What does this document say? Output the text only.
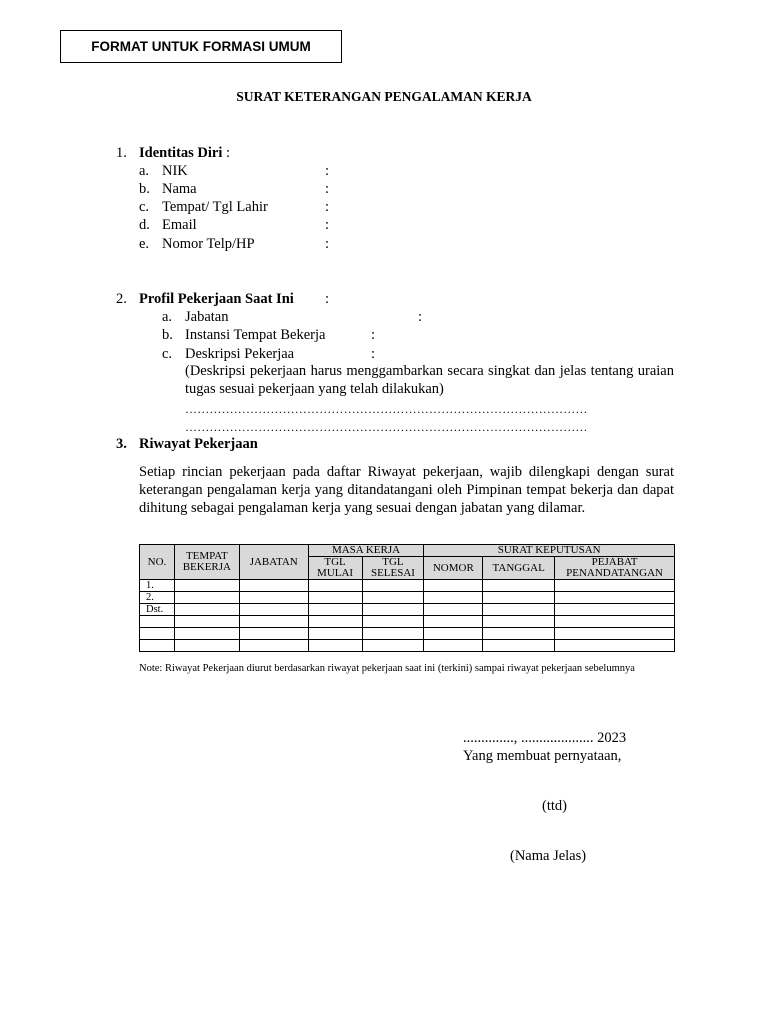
FORMAT UNTUK FORMASI UMUM
SURAT KETERANGAN PENGALAMAN KERJA
1. Identitas Diri :
a. NIK	:
b. Nama	:
c. Tempat/ Tgl Lahir	:
d. Email	:
e. Nomor Telp/HP	:
2. Profil Pekerjaan Saat Ini :
a. Jabatan	:
b. Instansi Tempat Bekerja	:
c. Deskripsi Pekerjaa	:
(Deskripsi pekerjaan harus menggambarkan secara singkat dan jelas tentang uraian tugas sesuai pekerjaan yang telah dilakukan)
………………………………………………………………………………………
………………………………………………………………………………………
3. Riwayat Pekerjaan
Setiap rincian pekerjaan pada daftar Riwayat pekerjaan, wajib dilengkapi dengan surat keterangan pengalaman kerja yang ditandatangani oleh Pimpinan tempat bekerja dan dapat dihitung sebagai pengalaman kerja yang sesuai dengan jabatan yang dilamar.
NO.	TEMPAT BEKERJA	JABATAN	MASA KERJA		SURAT KEPUTUSAN		
			TGL MULAI	TGL SELESAI	NOMOR	TANGGAL	PEJABAT PENANDATANGAN
1.							
2.							
Dst.							

Note: Riwayat Pekerjaan diurut berdasarkan riwayat pekerjaan saat ini (terkini) sampai riwayat pekerjaan sebelumnya
.............., .................... 2023
Yang membuat pernyataan,
(ttd)
(Nama Jelas)
